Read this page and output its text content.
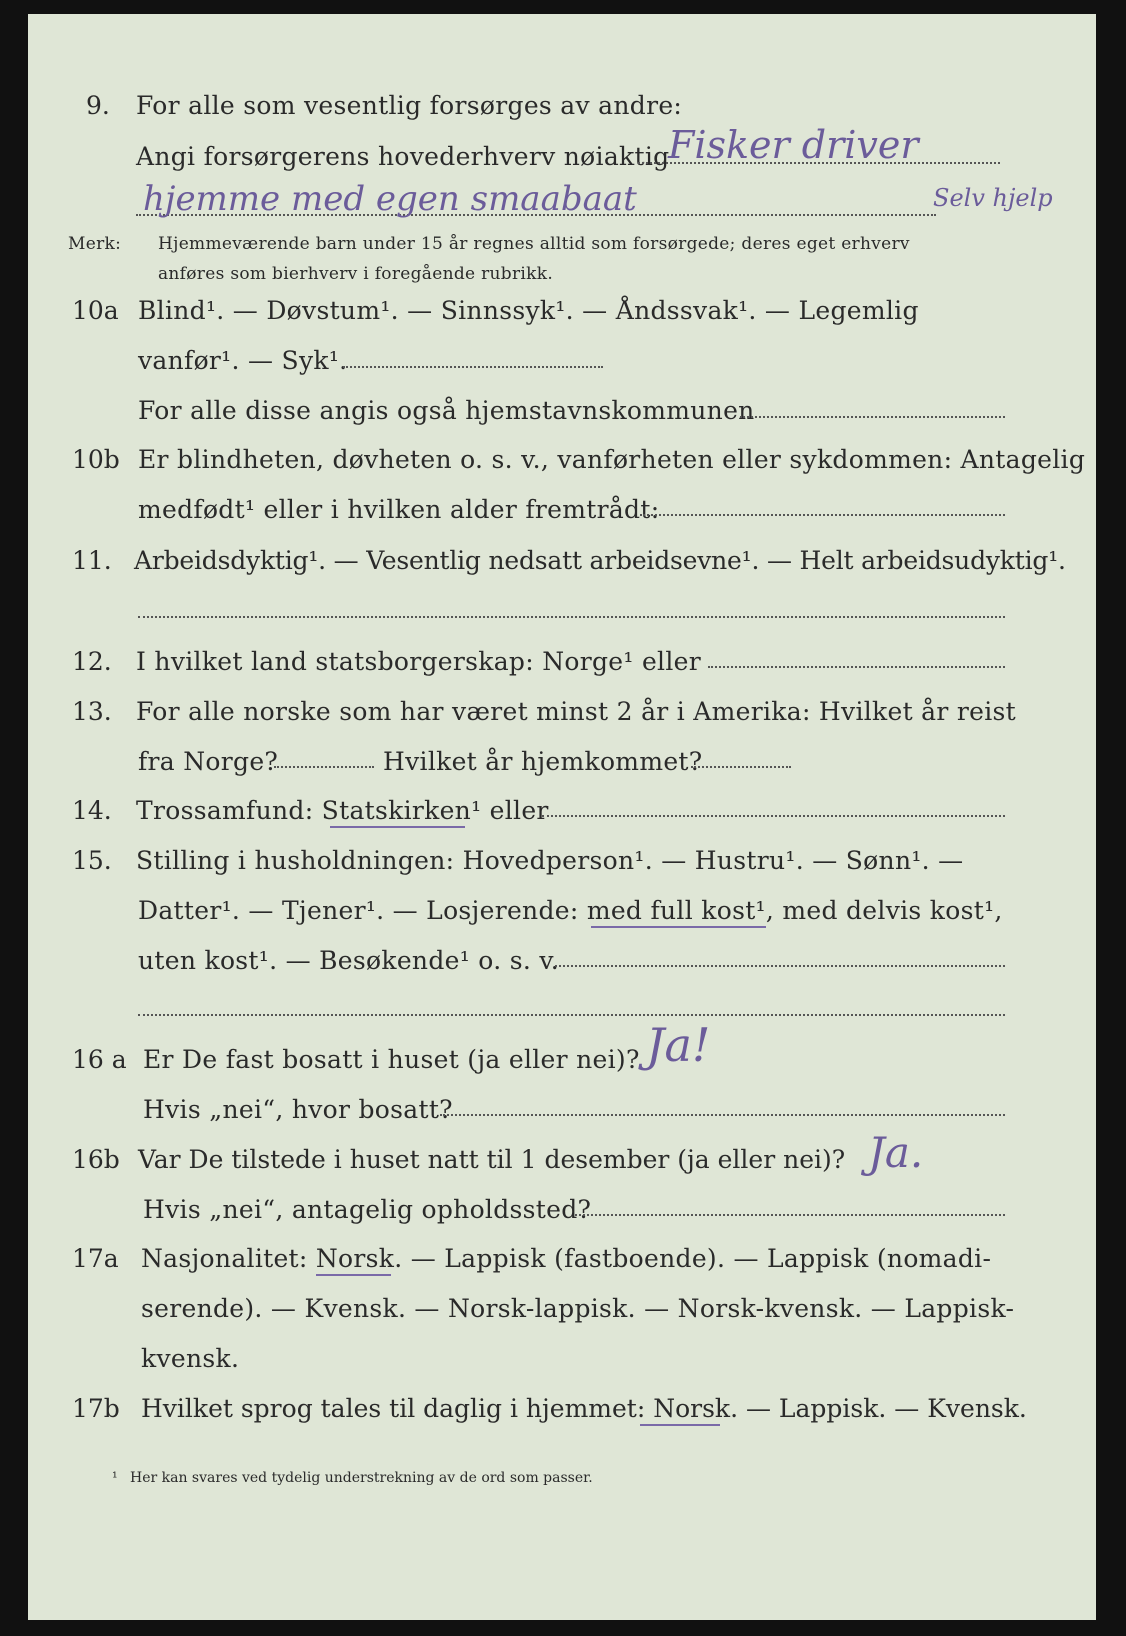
9. For alle som vesentlig forsørges av andre:
Angi forsørgerens hovederhverv nøiaktig
Fisker driver
hjemme med egen smaabaat	Selv hjelp
Merk: Hjemmeværende barn under 15 år regnes alltid som forsørgede; deres eget erhverv
anføres som bierhverv i foregående rubrikk.
10a Blind¹. — Døvstum¹. — Sinnssyk¹. — Åndssvak¹. — Legemlig
vanfør¹. — Syk¹.
For alle disse angis også hjemstavnskommunen
10b Er blindheten, døvheten o. s. v., vanførheten eller sykdommen: Antagelig
medfødt¹ eller i hvilken alder fremtrådt:
11. Arbeidsdyktig¹. — Vesentlig nedsatt arbeidsevne¹. — Helt arbeidsudyktig¹.
12. I hvilket land statsborgerskap: Norge¹ eller
13. For alle norske som har været minst 2 år i Amerika: Hvilket år reist
fra Norge?	Hvilket år hjemkommet?
14. Trossamfund: Statskirken¹ eller
15. Stilling i husholdningen: Hovedperson¹. — Hustru¹. — Sønn¹. —
Datter¹. — Tjener¹. — Losjerende: med full kost¹, med delvis kost¹,
uten kost¹. — Besøkende¹ o. s. v.
16 a Er De fast bosatt i huset (ja eller nei)? Ja!
Hvis „nei“, hvor bosatt?
16b Var De tilstede i huset natt til 1 desember (ja eller nei)? Ja.
Hvis „nei“, antagelig opholdssted?
17a Nasjonalitet: Norsk. — Lappisk (fastboende). — Lappisk (nomadi-
serende). — Kvensk. — Norsk-lappisk. — Norsk-kvensk. — Lappisk-
kvensk.
17b Hvilket sprog tales til daglig i hjemmet: Norsk. — Lappisk. — Kvensk.
¹ Her kan svares ved tydelig understrekning av de ord som passer.
